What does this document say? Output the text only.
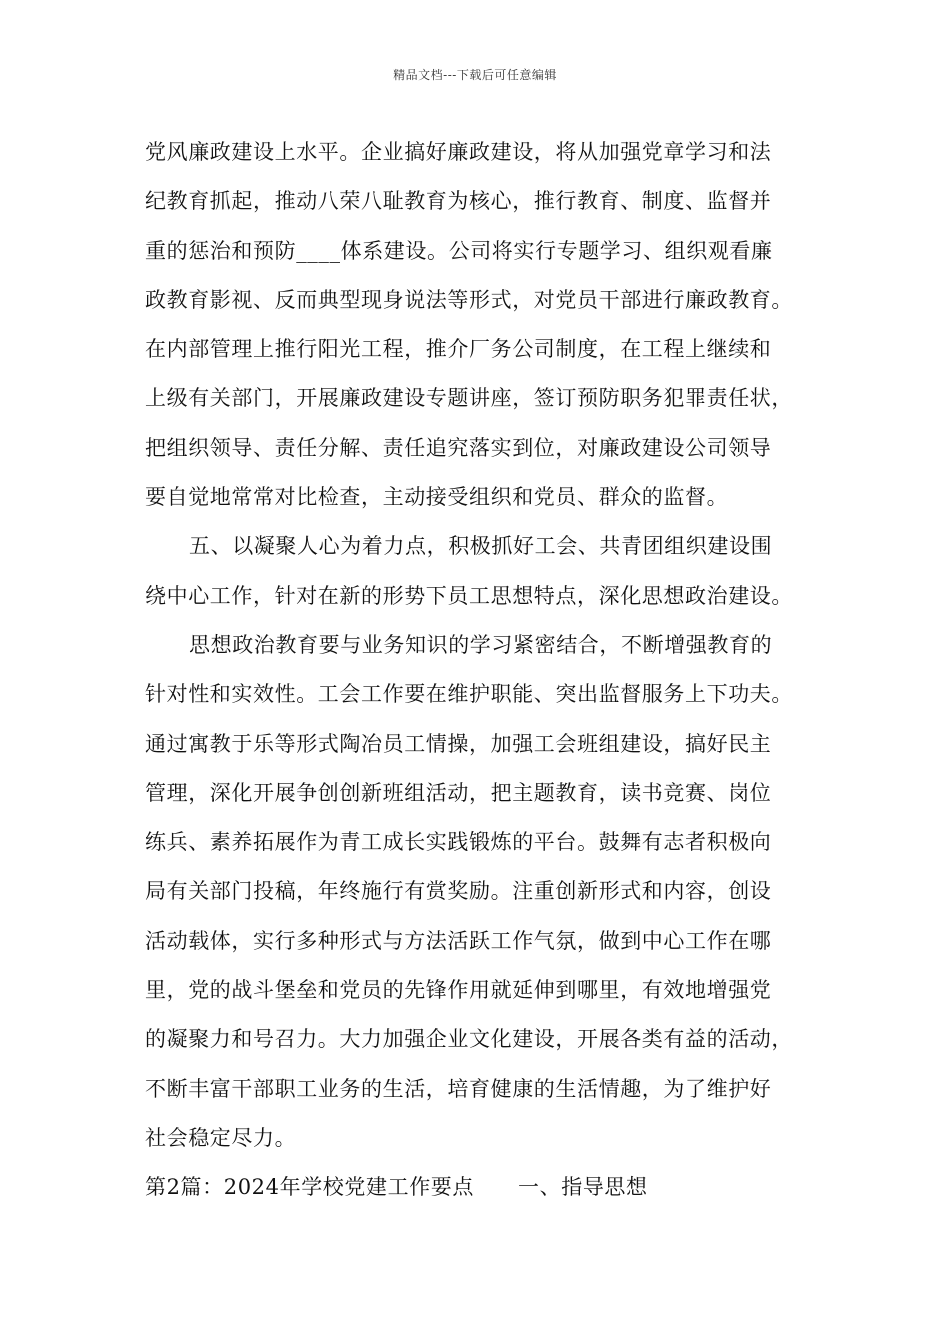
精品文档---下载后可任意编辑
党风廉政建设上水平。企业搞好廉政建设，将从加强党章学习和法
纪教育抓起，推动八荣八耻教育为核心，推行教育、制度、监督并
重的惩治和预防____体系建设。公司将实行专题学习、组织观看廉
政教育影视、反而典型现身说法等形式，对党员干部进行廉政教育。
在内部管理上推行阳光工程，推介厂务公司制度，在工程上继续和
上级有关部门，开展廉政建设专题讲座，签订预防职务犯罪责任状，
把组织领导、责任分解、责任追究落实到位，对廉政建设公司领导
要自觉地常常对比检查，主动接受组织和党员、群众的监督。
五、以凝聚人心为着力点，积极抓好工会、共青团组织建设围
绕中心工作，针对在新的形势下员工思想特点，深化思想政治建设。
思想政治教育要与业务知识的学习紧密结合，不断增强教育的
针对性和实效性。工会工作要在维护职能、突出监督服务上下功夫。
通过寓教于乐等形式陶冶员工情操，加强工会班组建设，搞好民主
管理，深化开展争创创新班组活动，把主题教育，读书竞赛、岗位
练兵、素养拓展作为青工成长实践锻炼的平台。鼓舞有志者积极向
局有关部门投稿，年终施行有赏奖励。注重创新形式和内容，创设
活动载体，实行多种形式与方法活跃工作气氛，做到中心工作在哪
里，党的战斗堡垒和党员的先锋作用就延伸到哪里，有效地增强党
的凝聚力和号召力。大力加强企业文化建设，开展各类有益的活动，
不断丰富干部职工业务的生活，培育健康的生活情趣，为了维护好
社会稳定尽力。
第2篇：2024年学校党建工作要点 一、指导思想
